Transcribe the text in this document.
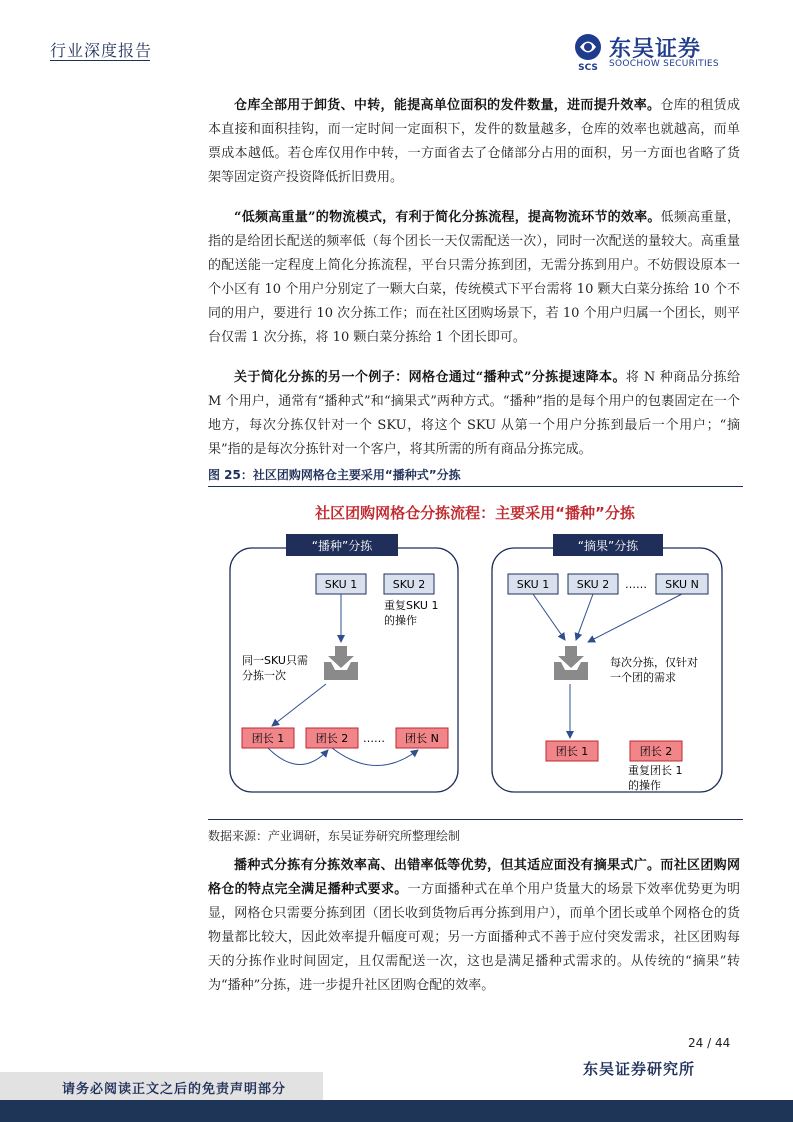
行业深度报告
SCS
东吴证券
SOOCHOW SECURITIES
仓库全部用于卸货、中转，能提高单位面积的发件数量，进而提升效率。仓库的租赁成本直接和面积挂钩，而一定时间一定面积下，发件的数量越多，仓库的效率也就越高，而单票成本越低。若仓库仅用作中转，一方面省去了仓储部分占用的面积，另一方面也省略了货架等固定资产投资降低折旧费用。
“低频高重量”的物流模式，有利于简化分拣流程，提高物流环节的效率。低频高重量，指的是给团长配送的频率低（每个团长一天仅需配送一次），同时一次配送的量较大。高重量的配送能一定程度上简化分拣流程，平台只需分拣到团，无需分拣到用户。不妨假设原本一个小区有 10 个用户分别定了一颗大白菜，传统模式下平台需将 10 颗大白菜分拣给 10 个不同的用户，要进行 10 次分拣工作；而在社区团购场景下，若 10 个用户归属一个团长，则平台仅需 1 次分拣，将 10 颗白菜分拣给 1 个团长即可。
关于简化分拣的另一个例子：网格仓通过“播种式”分拣提速降本。将 N 种商品分拣给 M 个用户，通常有“播种式”和“摘果式”两种方式。“播种”指的是每个用户的包裹固定在一个地方，每次分拣仅针对一个 SKU，将这个 SKU 从第一个用户分拣到最后一个用户；“摘果”指的是每次分拣针对一个客户，将其所需的所有商品分拣完成。
图 25：社区团购网格仓主要采用“播种式”分拣
社区团购网格仓分拣流程：主要采用“播种”分拣
“播种”分拣
SKU 1	SKU 2
重复SKU 1
的操作
同一SKU只需
分拣一次
团长 1	团长 2 …… 团长 N
“摘果”分拣
SKU 1	SKU 2 …… SKU N
每次分拣，仅针对
一个团的需求
团长 1	团长 2
重复团长 1
的操作
数据来源：产业调研，东吴证券研究所整理绘制
播种式分拣有分拣效率高、出错率低等优势，但其适应面没有摘果式广。而社区团购网格仓的特点完全满足播种式要求。一方面播种式在单个用户货量大的场景下效率优势更为明显，网格仓只需要分拣到团（团长收到货物后再分拣到用户），而单个团长或单个网格仓的货物量都比较大，因此效率提升幅度可观；另一方面播种式不善于应付突发需求，社区团购每天的分拣作业时间固定，且仅需配送一次，这也是满足播种式需求的。从传统的“摘果”转为“播种”分拣，进一步提升社区团购仓配的效率。
24 / 44
东吴证券研究所
请务必阅读正文之后的免责声明部分
